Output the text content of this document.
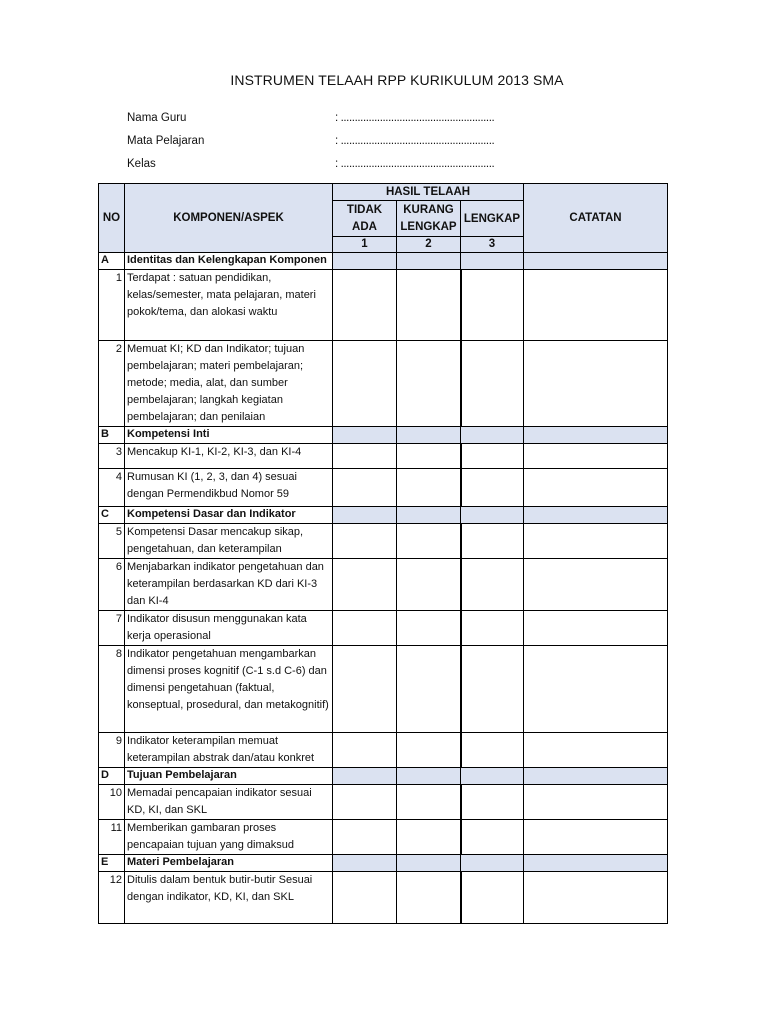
INSTRUMEN TELAAH RPP KURIKULUM 2013 SMA
Nama Guru	: .......................................................
Mata Pelajaran	: .......................................................
Kelas	: .......................................................
NO	KOMPONEN/ASPEK	HASIL TELAAH			CATATAN

		TIDAK ADA	KURANG LENGKAP	LENGKAP	

		1	2	3	
A	Identitas dan Kelengkapan Komponen				
1	Terdapat : satuan pendidikan, kelas/semester, mata pelajaran, materi pokok/tema, dan alokasi waktu				
2	Memuat KI; KD dan Indikator; tujuan pembelajaran; materi pembelajaran; metode; media, alat, dan sumber pembelajaran; langkah kegiatan pembelajaran; dan penilaian				
B	Kompetensi Inti				
3	Mencakup KI-1, KI-2, KI-3, dan KI-4				
4	Rumusan KI (1, 2, 3, dan 4) sesuai dengan Permendikbud Nomor 59				
C	Kompetensi Dasar dan Indikator				
5	Kompetensi Dasar mencakup sikap, pengetahuan, dan keterampilan				
6	Menjabarkan indikator pengetahuan dan keterampilan berdasarkan KD dari KI-3 dan KI-4				
7	Indikator disusun menggunakan kata kerja operasional				
8	Indikator pengetahuan mengambarkan dimensi proses kognitif (C-1 s.d C-6) dan dimensi pengetahuan (faktual, konseptual, prosedural, dan metakognitif)				
9	Indikator keterampilan memuat keterampilan abstrak dan/atau konkret				
D	Tujuan Pembelajaran				
10	Memadai pencapaian indikator sesuai KD, KI, dan SKL				
11	Memberikan gambaran proses pencapaian tujuan yang dimaksud				
E	Materi Pembelajaran				
12	Ditulis dalam bentuk butir-butir Sesuai dengan indikator, KD, KI, dan SKL				
